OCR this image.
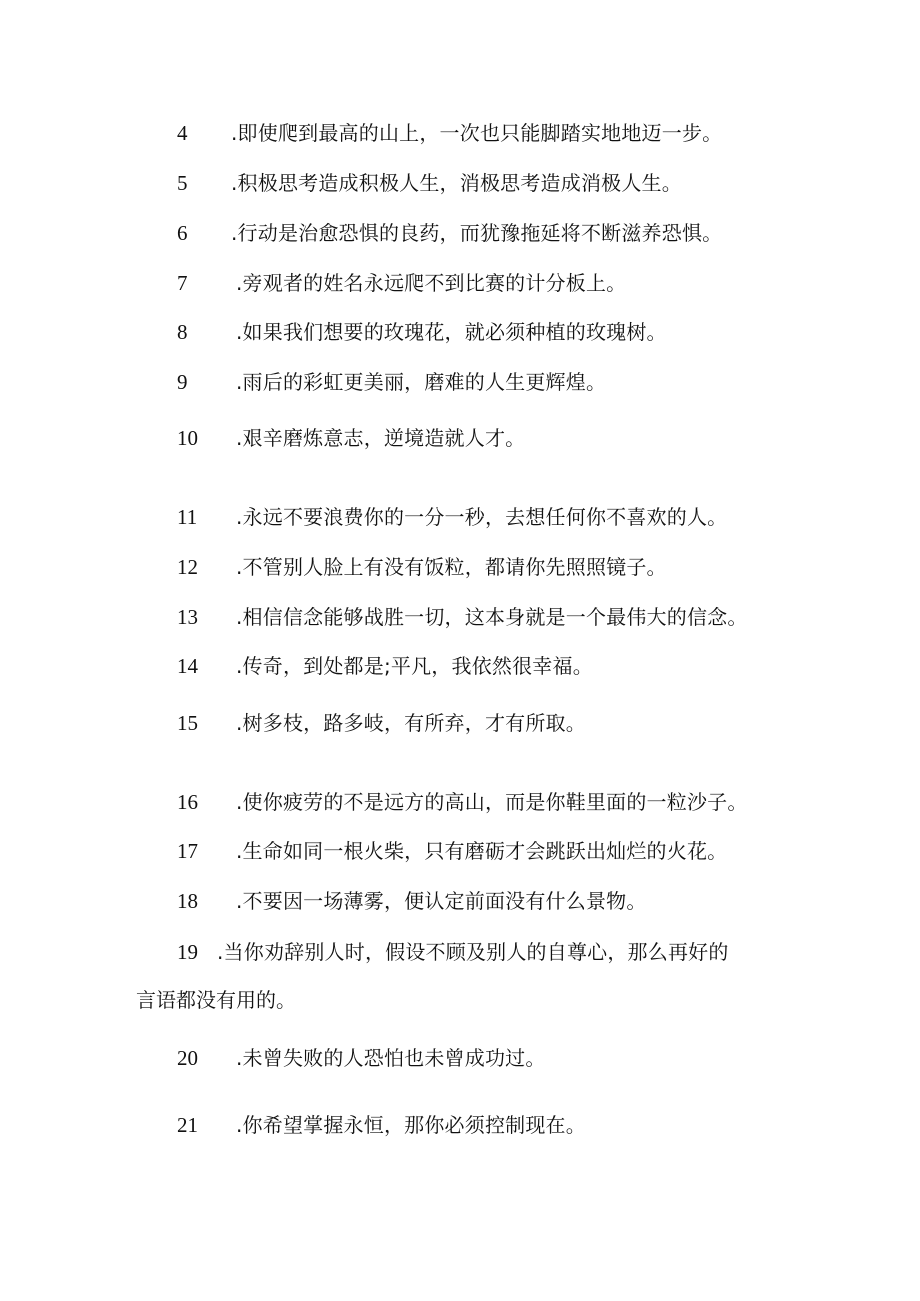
4 .即使爬到最高的山上，一次也只能脚踏实地地迈一步。
5 .积极思考造成积极人生，消极思考造成消极人生。
6 .行动是治愈恐惧的良药，而犹豫拖延将不断滋养恐惧。
7 .旁观者的姓名永远爬不到比赛的计分板上。
8 .如果我们想要的玫瑰花，就必须种植的玫瑰树。
9 .雨后的彩虹更美丽，磨难的人生更辉煌。
10 .艰辛磨炼意志，逆境造就人才。
11 .永远不要浪费你的一分一秒，去想任何你不喜欢的人。
12 .不管别人脸上有没有饭粒，都请你先照照镜子。
13 .相信信念能够战胜一切，这本身就是一个最伟大的信念。
14 .传奇，到处都是;平凡，我依然很幸福。
15 .树多枝，路多岐，有所弃，才有所取。
16 .使你疲劳的不是远方的高山，而是你鞋里面的一粒沙子。
17 .生命如同一根火柴，只有磨砺才会跳跃出灿烂的火花。
18 .不要因一场薄雾，便认定前面没有什么景物。
19 .当你劝辞别人时，假设不顾及别人的自尊心，那么再好的
言语都没有用的。
20 .未曾失败的人恐怕也未曾成功过。
21 .你希望掌握永恒，那你必须控制现在。
